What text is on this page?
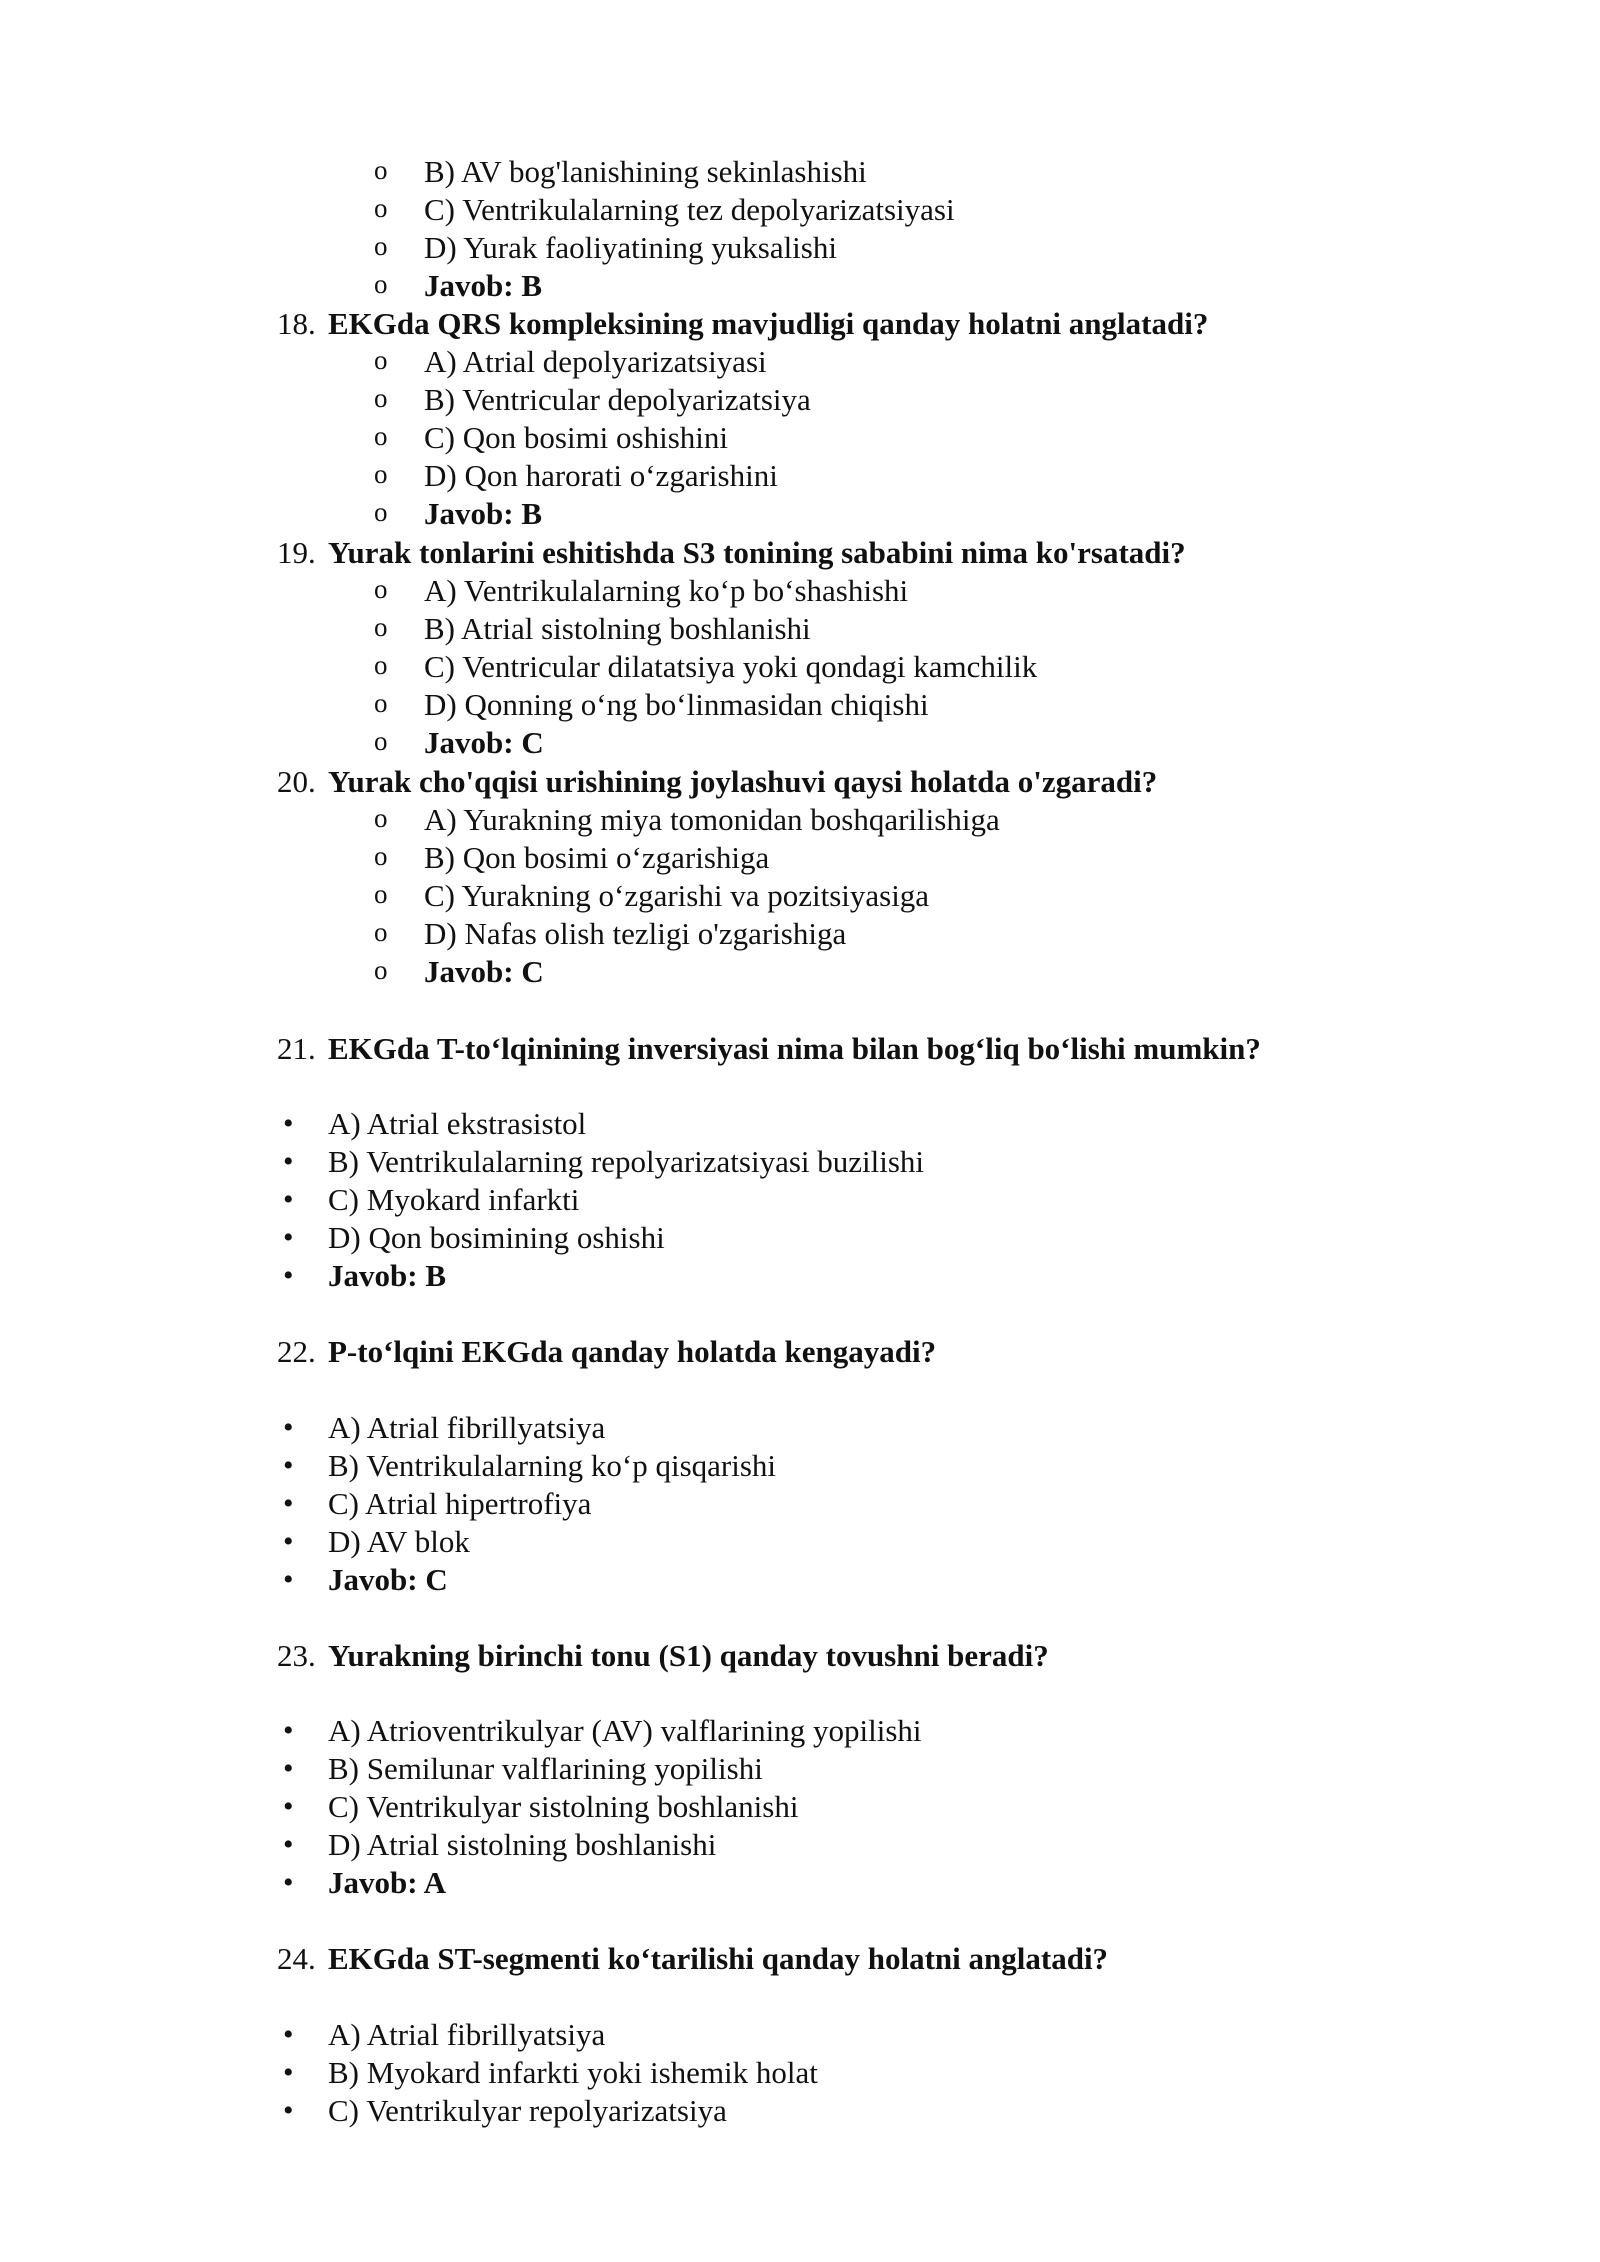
o B) AV bog'lanishining sekinlashishi
o C) Ventrikulalarning tez depolyarizatsiyasi
o D) Yurak faoliyatining yuksalishi
o Javob: B
18. EKGda QRS kompleksining mavjudligi qanday holatni anglatadi?
o A) Atrial depolyarizatsiyasi
o B) Ventricular depolyarizatsiya
o C) Qon bosimi oshishini
o D) Qon harorati o‘zgarishini
o Javob: B
19. Yurak tonlarini eshitishda S3 tonining sababini nima ko'rsatadi?
o A) Ventrikulalarning ko‘p bo‘shashishi
o B) Atrial sistolning boshlanishi
o C) Ventricular dilatatsiya yoki qondagi kamchilik
o D) Qonning o‘ng bo‘linmasidan chiqishi
o Javob: C
20. Yurak cho'qqisi urishining joylashuvi qaysi holatda o'zgaradi?
o A) Yurakning miya tomonidan boshqarilishiga
o B) Qon bosimi o‘zgarishiga
o C) Yurakning o‘zgarishi va pozitsiyasiga
o D) Nafas olish tezligi o'zgarishiga
o Javob: C
21. EKGda T-to‘lqinining inversiyasi nima bilan bog‘liq bo‘lishi mumkin?
• A) Atrial ekstrasistol
• B) Ventrikulalarning repolyarizatsiyasi buzilishi
• C) Myokard infarkti
• D) Qon bosimining oshishi
• Javob: B
22. P-to‘lqini EKGda qanday holatda kengayadi?
• A) Atrial fibrillyatsiya
• B) Ventrikulalarning ko‘p qisqarishi
• C) Atrial hipertrofiya
• D) AV blok
• Javob: C
23. Yurakning birinchi tonu (S1) qanday tovushni beradi?
• A) Atrioventrikulyar (AV) valflarining yopilishi
• B) Semilunar valflarining yopilishi
• C) Ventrikulyar sistolning boshlanishi
• D) Atrial sistolning boshlanishi
• Javob: A
24. EKGda ST-segmenti ko‘tarilishi qanday holatni anglatadi?
• A) Atrial fibrillyatsiya
• B) Myokard infarkti yoki ishemik holat
• C) Ventrikulyar repolyarizatsiya
